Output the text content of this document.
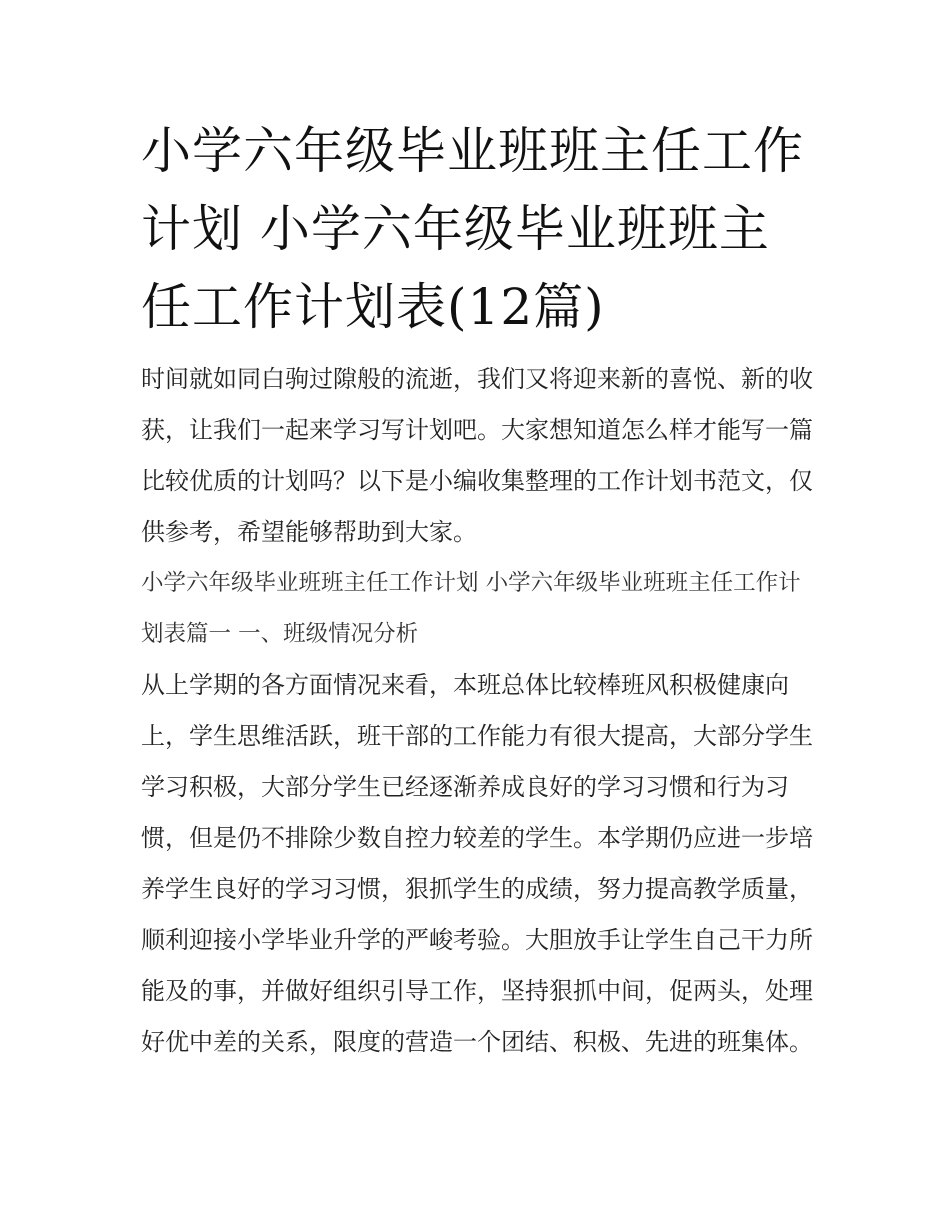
小学六年级毕业班班主任工作计划 小学六年级毕业班班主任工作计划表(12篇)

时间就如同白驹过隙般的流逝，我们又将迎来新的喜悦、新的收获，让我们一起来学习写计划吧。大家想知道怎么样才能写一篇比较优质的计划吗？以下是小编收集整理的工作计划书范文，仅供参考，希望能够帮助到大家。

小学六年级毕业班班主任工作计划 小学六年级毕业班班主任工作计划表篇一 一、班级情况分析

从上学期的各方面情况来看，本班总体比较棒班风积极健康向上，学生思维活跃，班干部的工作能力有很大提高，大部分学生学习积极，大部分学生已经逐渐养成良好的学习习惯和行为习惯，但是仍不排除少数自控力较差的学生。本学期仍应进一步培养学生良好的学习习惯，狠抓学生的成绩，努力提高教学质量，顺利迎接小学毕业升学的严峻考验。大胆放手让学生自己干力所能及的事，并做好组织引导工作，坚持狠抓中间，促两头，处理好优中差的关系，限度的营造一个团结、积极、先进的班集体。
